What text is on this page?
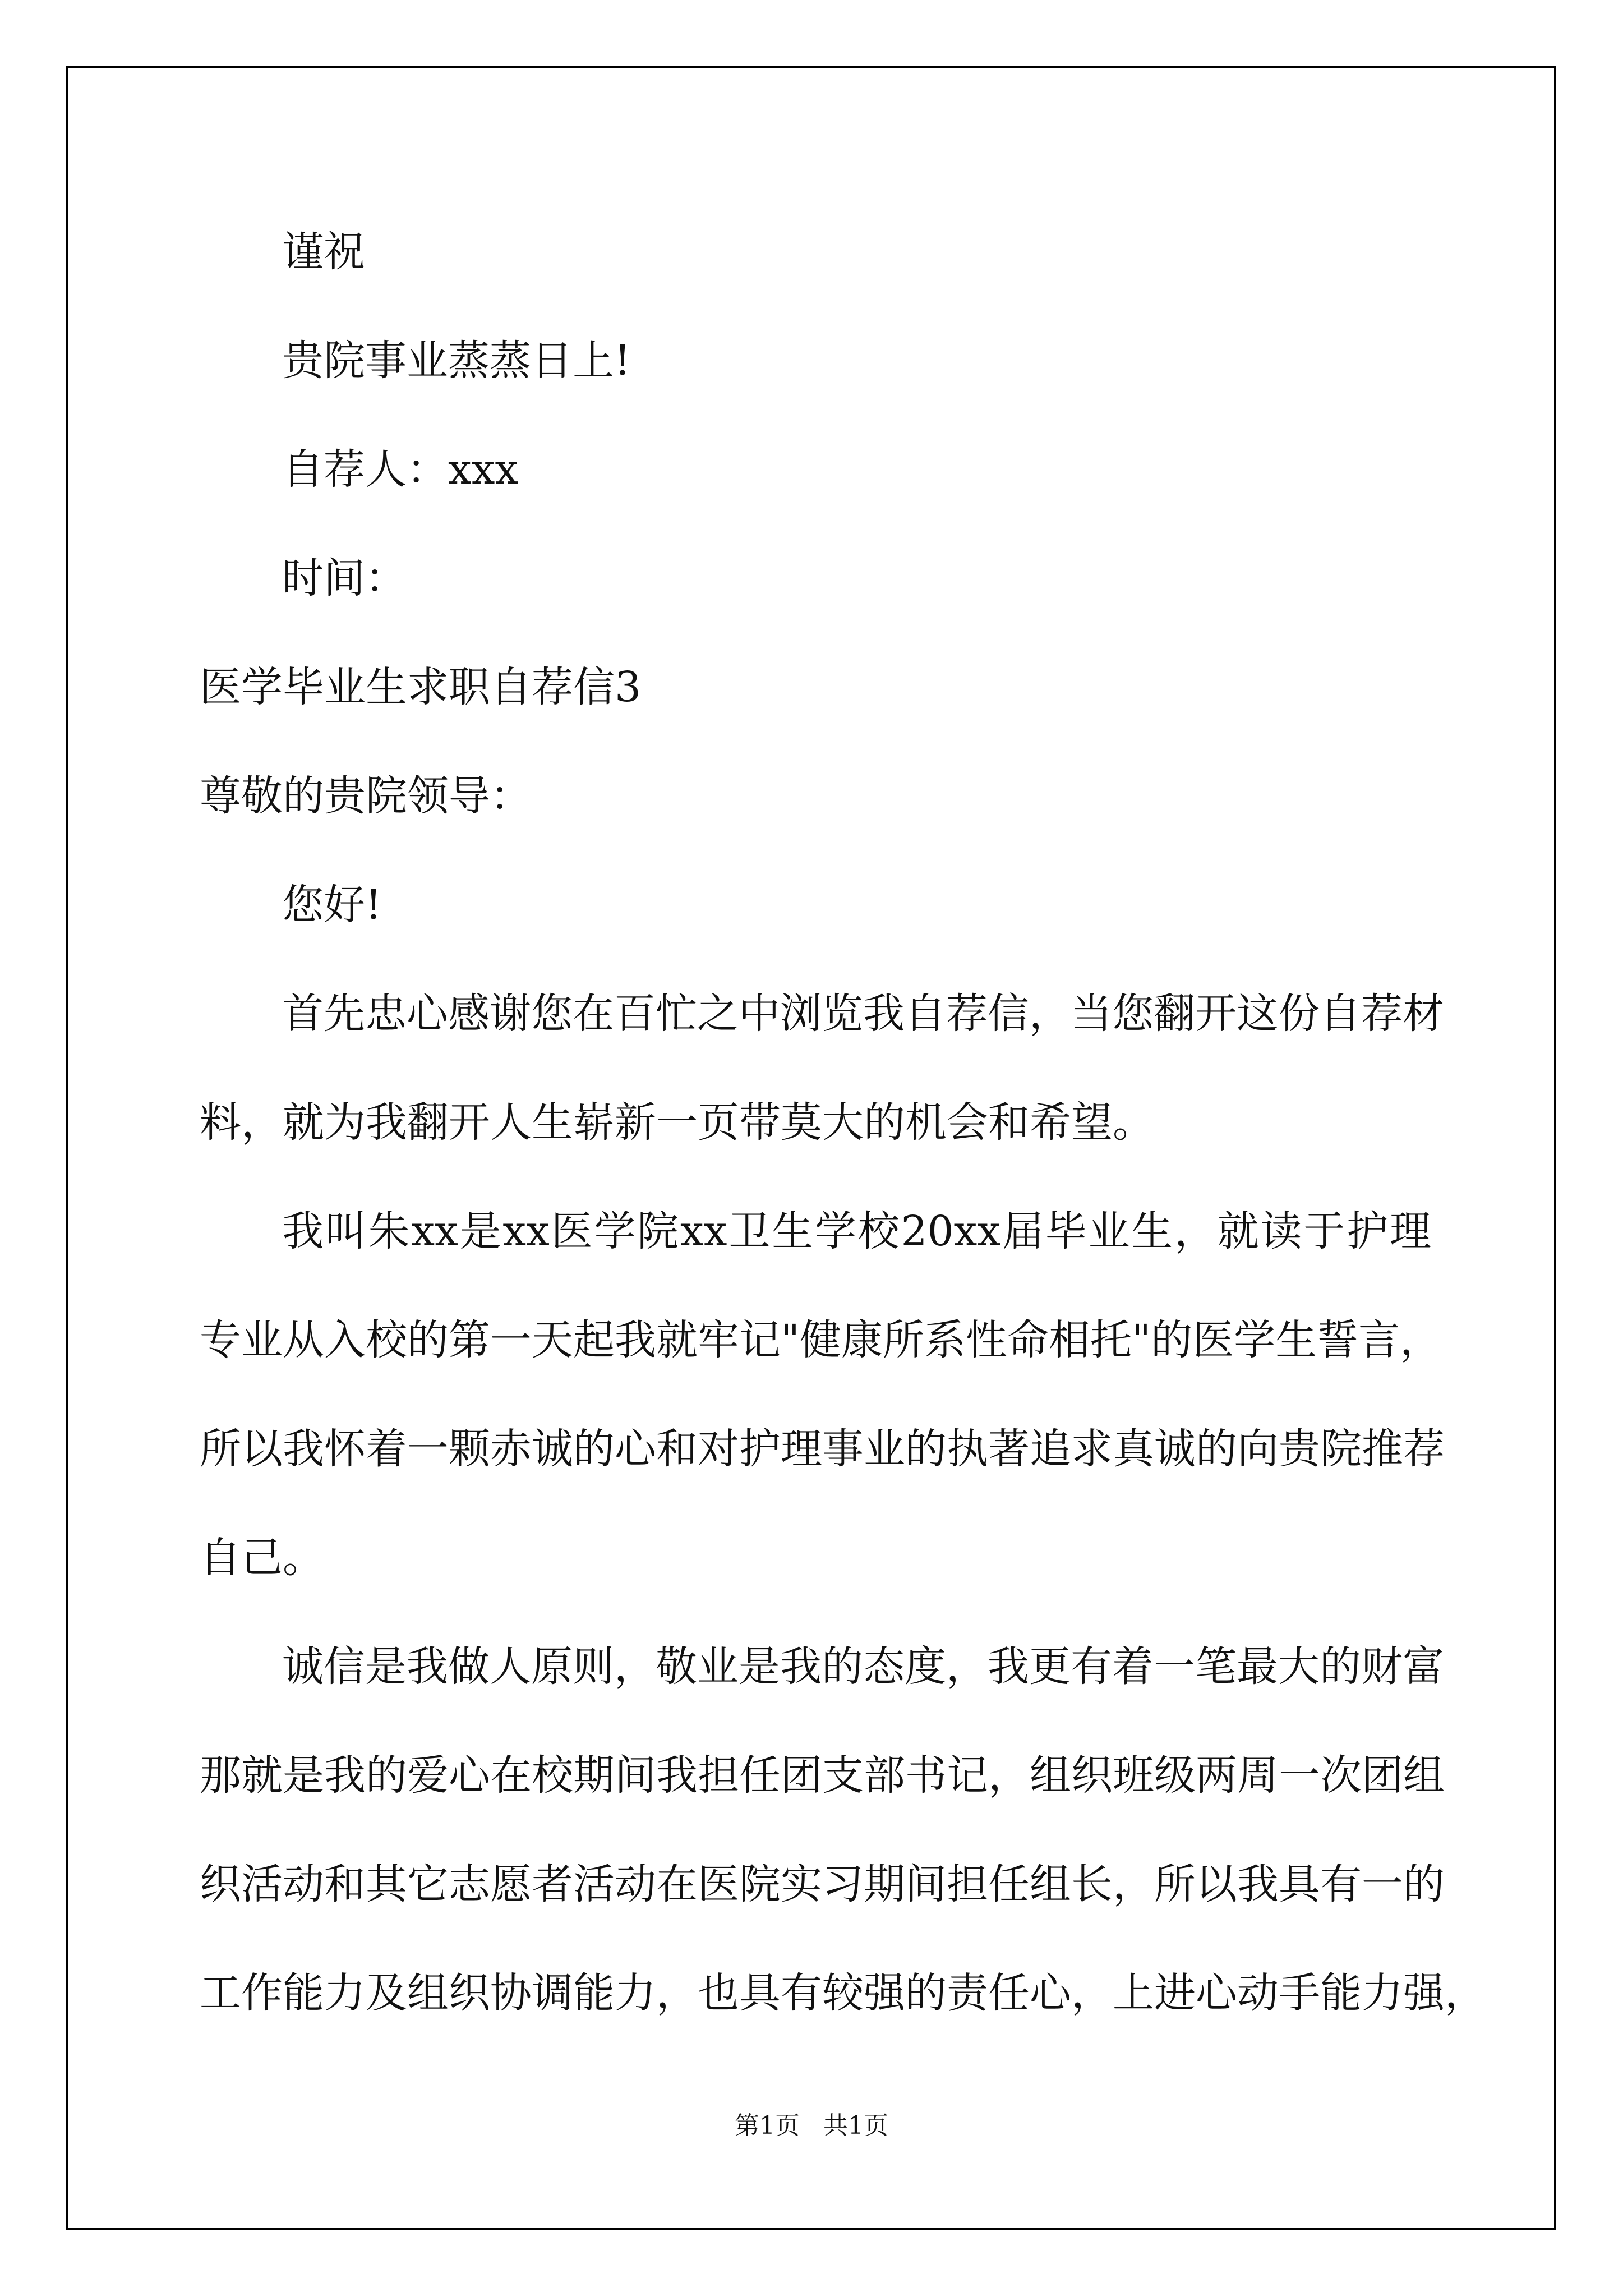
谨祝

贵院事业蒸蒸日上!

自荐人：xxx

时间：

医学毕业生求职自荐信3

尊敬的贵院领导：

您好!

首先忠心感谢您在百忙之中浏览我自荐信，当您翻开这份自荐材

料，就为我翻开人生崭新一页带莫大的机会和希望。

我叫朱xx是xx医学院xx卫生学校20xx届毕业生，就读于护理

专业从入校的第一天起我就牢记"健康所系性命相托"的医学生誓言，

所以我怀着一颗赤诚的心和对护理事业的执著追求真诚的向贵院推荐

自己。

诚信是我做人原则，敬业是我的态度，我更有着一笔最大的财富

那就是我的爱心在校期间我担任团支部书记，组织班级两周一次团组

织活动和其它志愿者活动在医院实习期间担任组长，所以我具有一的

工作能力及组织协调能力，也具有较强的责任心，上进心动手能力强，

第1页   共1页
